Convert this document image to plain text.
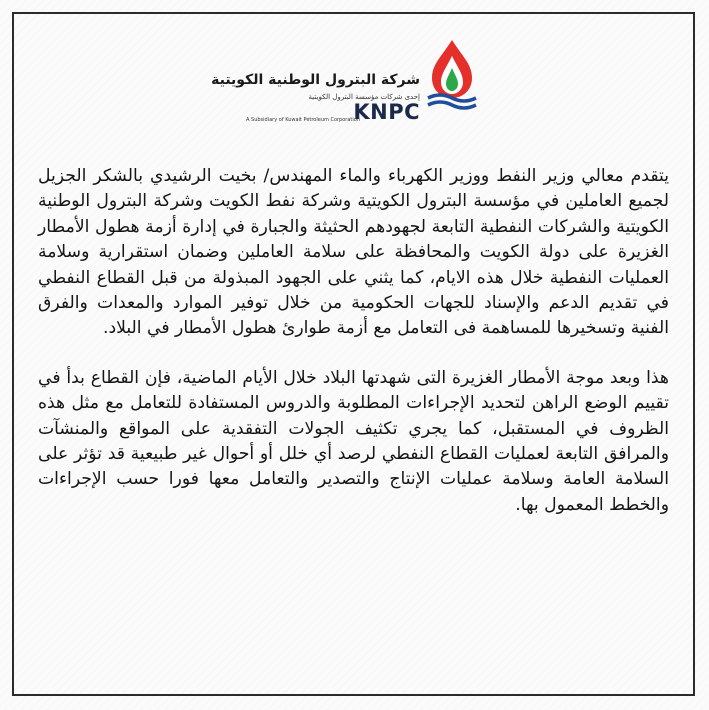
شركة البترول الوطنية الكويتية
إحدى شركات مؤسسة البترول الكويتية
KNPC
A Subsidiary of Kuwait Petroleum Corporation

يتقدم معالي وزير النفط ووزير الكهرباء والماء المهندس/ بخيت الرشيدي بالشكر الجزيل لجميع العاملين في مؤسسة البترول الكويتية وشركة نفط الكويت وشركة البترول الوطنية الكويتية والشركات النفطية التابعة لجهودهم الحثيثة والجبارة في إدارة أزمة هطول الأمطار الغزيرة على دولة الكويت والمحافظة على سلامة العاملين وضمان استقرارية وسلامة العمليات النفطية خلال هذه الايام، كما يثني على الجهود المبذولة من قبل القطاع النفطي في تقديم الدعم والإسناد للجهات الحكومية من خلال توفير الموارد والمعدات والفرق الفنية وتسخيرها للمساهمة فى التعامل مع أزمة طوارئ هطول الأمطار في البلاد.

هذا وبعد موجة الأمطار الغزيرة التى شهدتها البلاد خلال الأيام الماضية، فإن القطاع بدأ في تقييم الوضع الراهن لتحديد الإجراءات المطلوبة والدروس المستفادة للتعامل مع مثل هذه الظروف في المستقبل، كما يجري تكثيف الجولات التفقدية على المواقع والمنشآت والمرافق التابعة لعمليات القطاع النفطي لرصد أي خلل أو أحوال غير طبيعية قد تؤثر على السلامة العامة وسلامة عمليات الإنتاج والتصدير والتعامل معها فورا حسب الإجراءات والخطط المعمول بها.
